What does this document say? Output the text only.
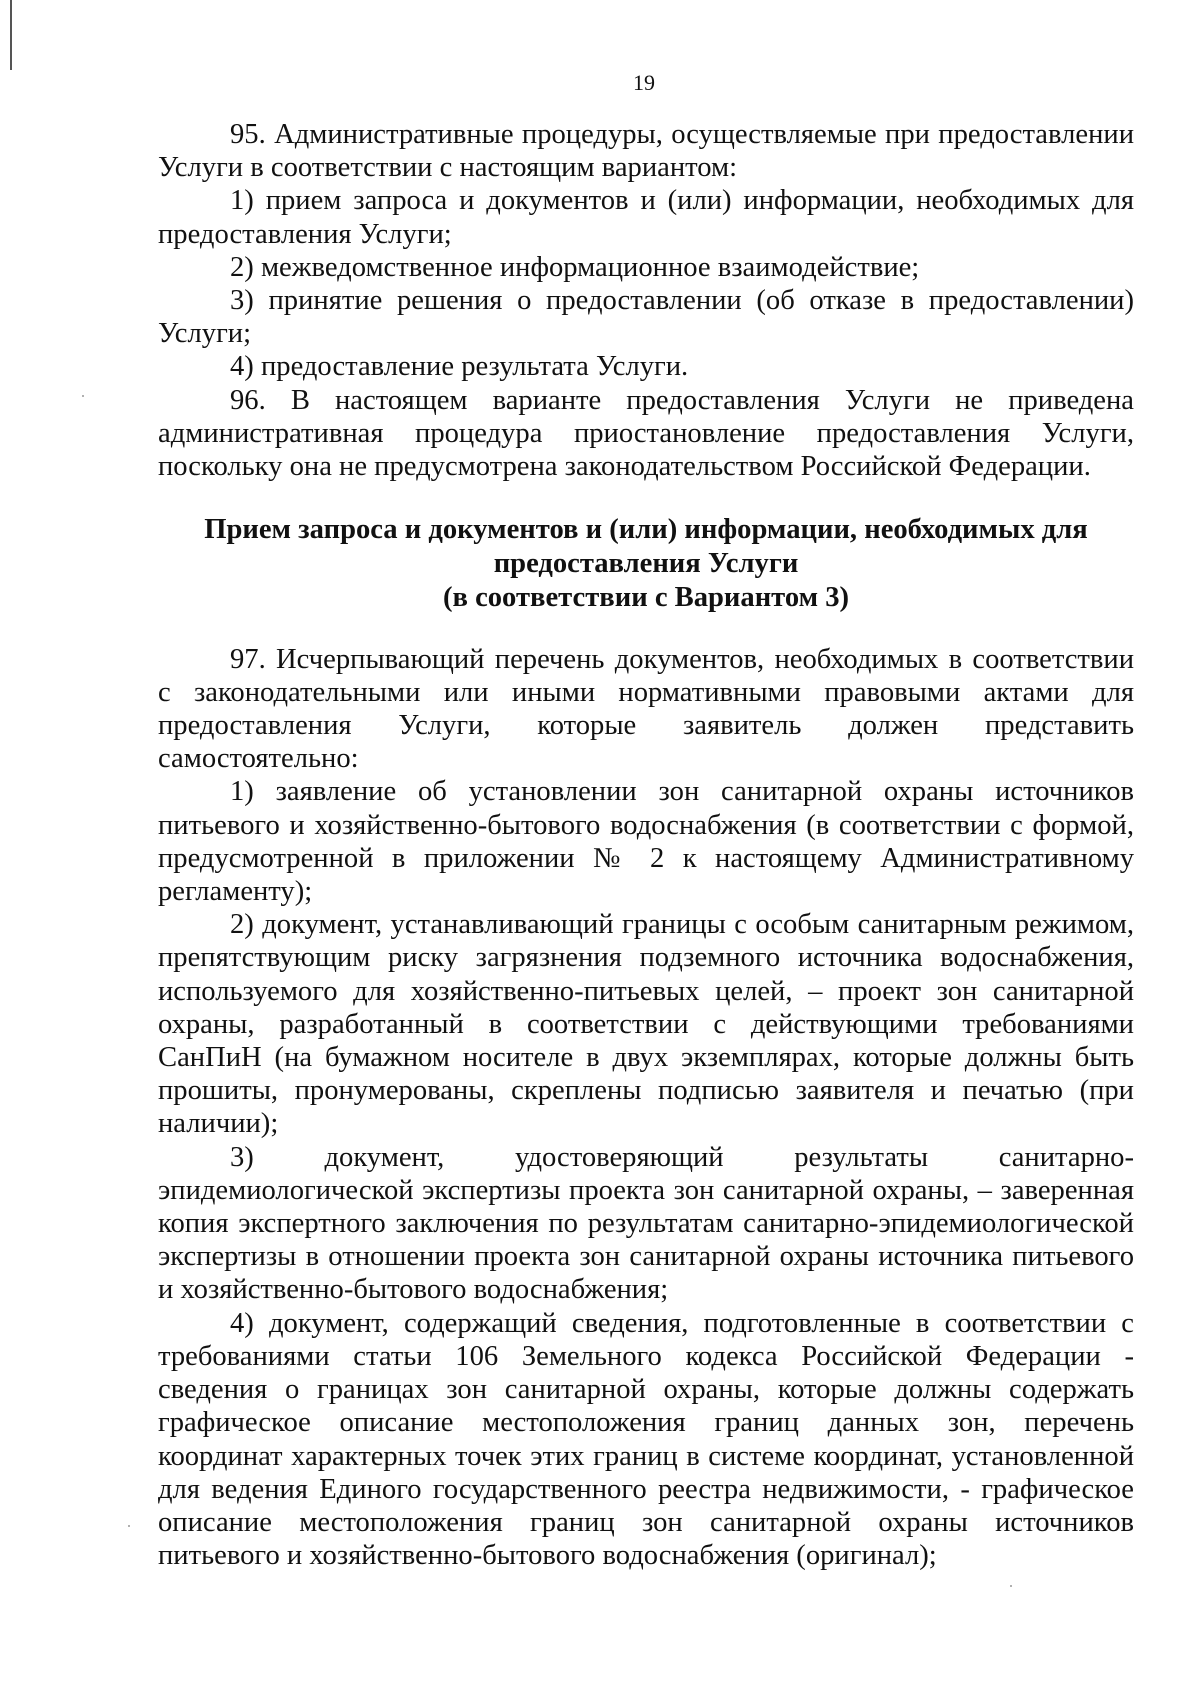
19

95. Административные процедуры, осуществляемые при предоставлении Услуги в соответствии с настоящим вариантом:

1) прием запроса и документов и (или) информации, необходимых для предоставления Услуги;

2) межведомственное информационное взаимодействие;

3) принятие решения о предоставлении (об отказе в предоставлении) Услуги;

4) предоставление результата Услуги.

96. В настоящем варианте предоставления Услуги не приведена административная процедура приостановление предоставления Услуги, поскольку она не предусмотрена законодательством Российской Федерации.

Прием запроса и документов и (или) информации, необходимых для предоставления Услуги
(в соответствии с Вариантом 3)

97. Исчерпывающий перечень документов, необходимых в соответствии с законодательными или иными нормативными правовыми актами для предоставления Услуги, которые заявитель должен представить самостоятельно:

1) заявление об установлении зон санитарной охраны источников питьевого и хозяйственно-бытового водоснабжения (в соответствии с формой, предусмотренной в приложении № 2 к настоящему Административному регламенту);

2) документ, устанавливающий границы с особым санитарным режимом, препятствующим риску загрязнения подземного источника водоснабжения, используемого для хозяйственно-питьевых целей, – проект зон санитарной охраны, разработанный в соответствии с действующими требованиями СанПиН (на бумажном носителе в двух экземплярах, которые должны быть прошиты, пронумерованы, скреплены подписью заявителя и печатью (при наличии);

3) документ, удостоверяющий результаты санитарно-эпидемиологической экспертизы проекта зон санитарной охраны, – заверенная копия экспертного заключения по результатам санитарно-эпидемиологической экспертизы в отношении проекта зон санитарной охраны источника питьевого и хозяйственно-бытового водоснабжения;

4) документ, содержащий сведения, подготовленные в соответствии с требованиями статьи 106 Земельного кодекса Российской Федерации - сведения о границах зон санитарной охраны, которые должны содержать графическое описание местоположения границ данных зон, перечень координат характерных точек этих границ в системе координат, установленной для ведения Единого государственного реестра недвижимости, - графическое описание местоположения границ зон санитарной охраны источников питьевого и хозяйственно-бытового водоснабжения (оригинал);
